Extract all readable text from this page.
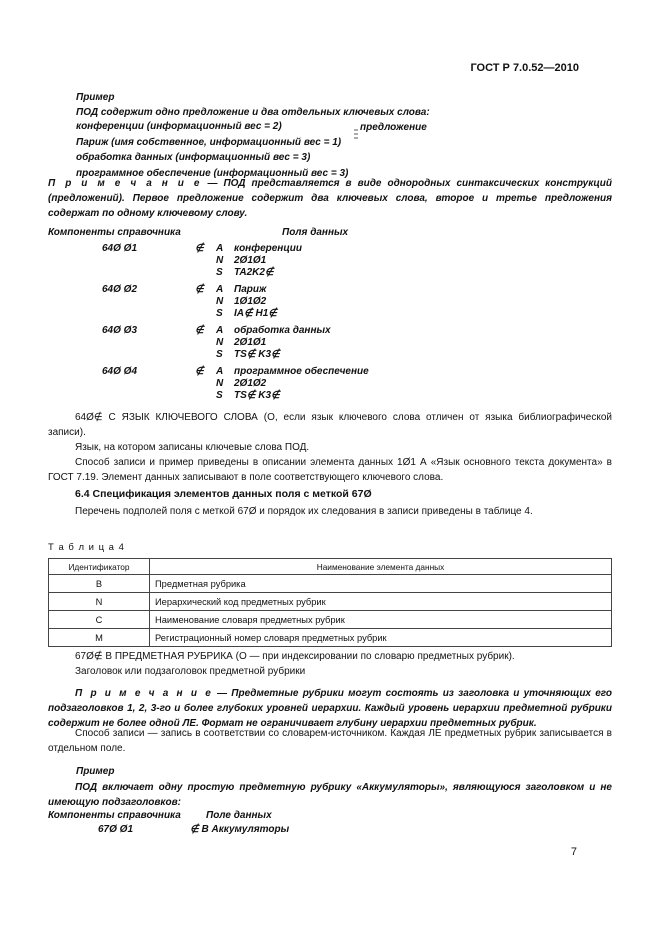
ГОСТ Р 7.0.52—2010
Пример
ПОД содержит одно предложение и два отдельных ключевых слова:
конференции (информационный вес = 2)
Париж (имя собственное, информационный вес = 1)
обработка данных (информационный вес = 3)
программное обеспечение (информационный вес = 3)
предложение
П р и м е ч а н и е — ПОД представляется в виде однородных синтаксических конструкций (предложений). Первое предложение содержит два ключевых слова, второе и третье предложения содержат по одному ключевому слову.
Компоненты справочника	Поля данных
64Ø Ø1	∉ A конференции
N 2Ø1Ø1
S TA2K2∉
64Ø Ø2	∉ A Париж
N 1Ø1Ø2
S IA∉ H1∉
64Ø Ø3	∉ A обработка данных
N 2Ø1Ø1
S TS∉ K3∉
64Ø Ø4	∉ A программное обеспечение
N 2Ø1Ø2
S TS∉ K3∉
64Ø∉ C ЯЗЫК КЛЮЧЕВОГО СЛОВА (О, если язык ключевого слова отличен от языка библиографической записи).
Язык, на котором записаны ключевые слова ПОД.
Способ записи и пример приведены в описании элемента данных 1Ø1 А «Язык основного текста документа» в ГОСТ 7.19. Элемент данных записывают в поле соответствующего ключевого слова.
6.4 Спецификация элементов данных поля с меткой 67Ø
Перечень подполей поля с меткой 67Ø и порядок их следования в записи приведены в таблице 4.
Т а б л и ц а 4
Идентификатор	Наименование элемента данных
В	Предметная рубрика
N	Иерархический код предметных рубрик
С	Наименование словаря предметных рубрик
М	Регистрационный номер словаря предметных рубрик
67Ø∉ B ПРЕДМЕТНАЯ РУБРИКА (О — при индексировании по словарю предметных рубрик).
Заголовок или подзаголовок предметной рубрики
П р и м е ч а н и е — Предметные рубрики могут состоять из заголовка и уточняющих его подзаголовков 1, 2, 3-го и более глубоких уровней иерархии. Каждый уровень иерархии предметной рубрики содержит не более одной ЛЕ. Формат не ограничивает глубину иерархии предметных рубрик.
Способ записи — запись в соответствии со словарем-источником. Каждая ЛЕ предметных рубрик записывается в отдельном поле.
Пример
ПОД включает одну простую предметную рубрику «Аккумуляторы», являющуюся заголовком и не имеющую подзаголовков:
Компоненты справочника	Поле данных
67Ø Ø1	∉ B Аккумуляторы
7
